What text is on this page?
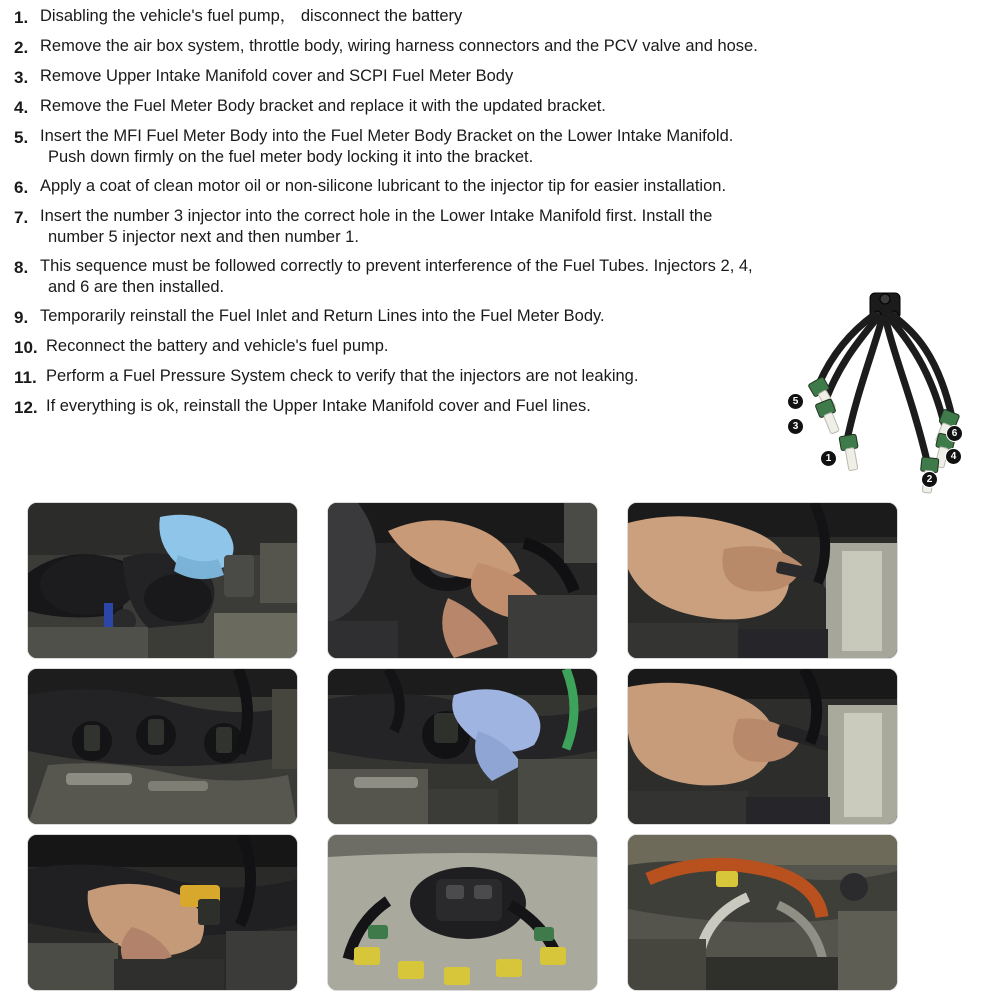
1. Disabling the vehicle's fuel pump， disconnect the battery
2. Remove the air box system, throttle body, wiring harness connectors and the PCV valve and hose.
3. Remove Upper Intake Manifold cover and SCPI Fuel Meter Body
4. Remove the Fuel Meter Body bracket and replace it with the updated bracket.
5. Insert the MFI Fuel Meter Body into the Fuel Meter Body Bracket on the Lower Intake Manifold.
Push down firmly on the fuel meter body locking it into the bracket.
6. Apply a coat of clean motor oil or non-silicone lubricant to the injector tip for easier installation.
7. Insert the number 3 injector into the correct hole in the Lower Intake Manifold first. Install the
number 5 injector next and then number 1.
8. This sequence must be followed correctly to prevent interference of the Fuel Tubes. Injectors 2, 4,
and 6 are then installed.
9. Temporarily reinstall the Fuel Inlet and Return Lines into the Fuel Meter Body.
10. Reconnect the battery and vehicle's fuel pump.
11. Perform a Fuel Pressure System check to verify that the injectors are not leaking.
12. If everything is ok, reinstall the Upper Intake Manifold cover and Fuel lines.	5
3
1
6
4
2
